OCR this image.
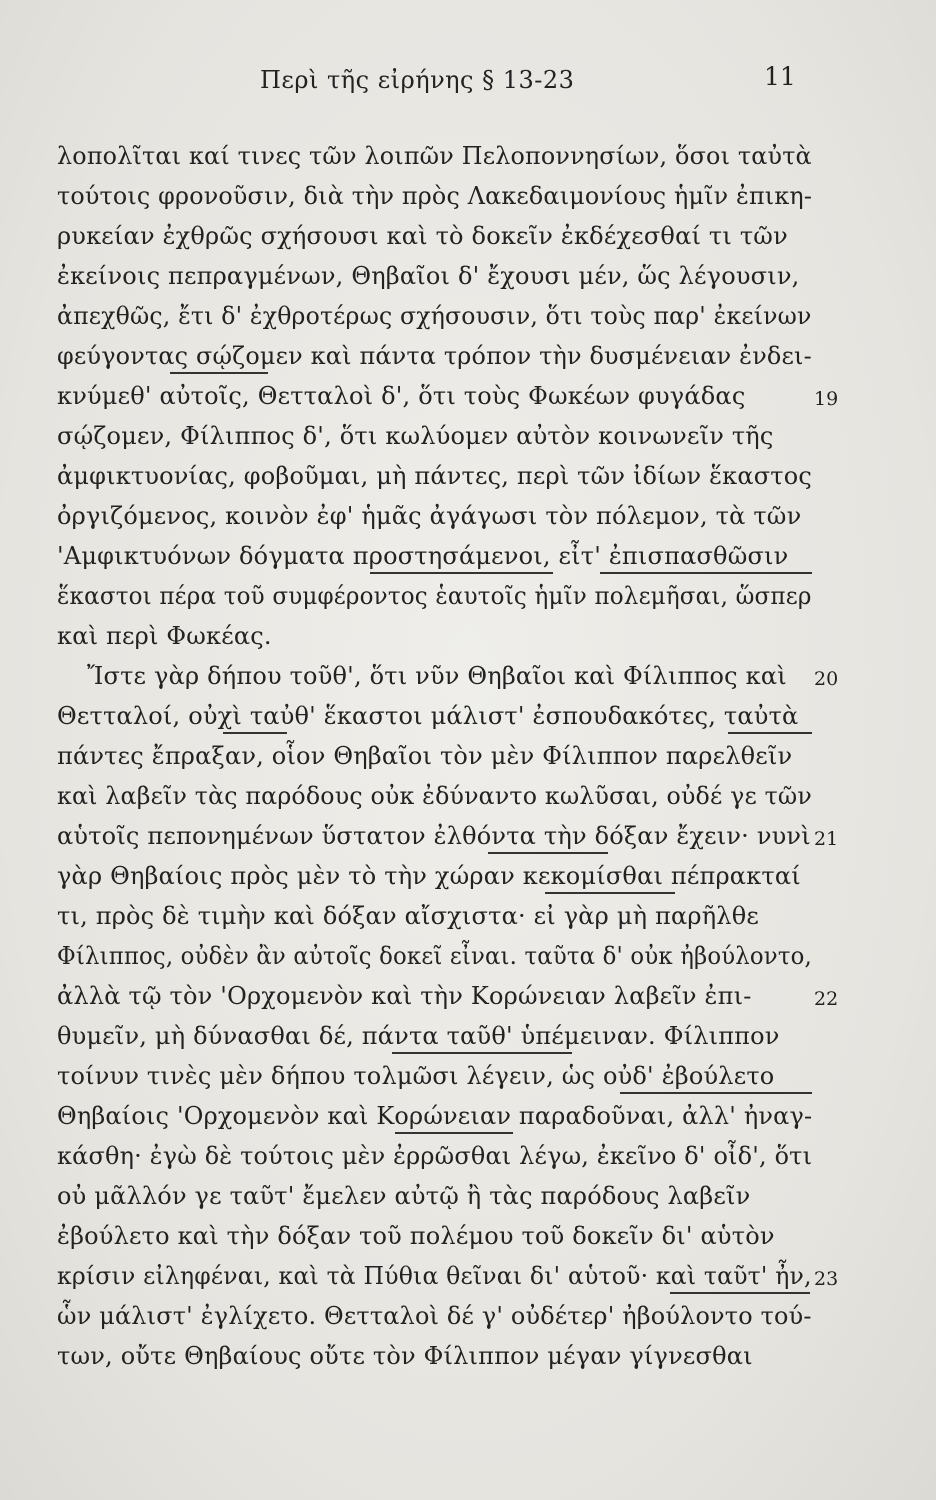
Περὶ τῆς εἰρήνης § 13-23	11
λοπολῖται καί τινες τῶν λοιπῶν Πελοποννησίων, ὅσοι ταὐτὰ
τούτοις φρονοῦσιν, διὰ τὴν πρὸς Λακεδαιμονίους ἡμῖν ἐπικη-
ρυκείαν ἐχθρῶς σχήσουσι καὶ τὸ δοκεῖν ἐκδέχεσθαί τι τῶν
ἐκείνοις πεπραγμένων, Θηβαῖοι δ' ἔχουσι μέν, ὥς λέγουσιν,
ἀπεχθῶς, ἔτι δ' ἐχθροτέρως σχήσουσιν, ὅτι τοὺς παρ' ἐκείνων
φεύγοντας σῴζομεν καὶ πάντα τρόπον τὴν δυσμένειαν ἐνδει-
κνύμεθ' αὐτοῖς, Θετταλοὶ δ', ὅτι τοὺς Φωκέων φυγάδας
σῴζομεν, Φίλιππος δ', ὅτι κωλύομεν αὐτὸν κοινωνεῖν τῆς
ἀμφικτυονίας, φοβοῦμαι, μὴ πάντες, περὶ τῶν ἰδίων ἕκαστος
ὀργιζόμενος, κοινὸν ἐφ' ἡμᾶς ἀγάγωσι τὸν πόλεμον, τὰ τῶν
'Αμφικτυόνων δόγματα προστησάμενοι, εἶτ' ἐπισπασθῶσιν
ἕκαστοι πέρα τοῦ συμφέροντος ἑαυτοῖς ἡμῖν πολεμῆσαι, ὥσπερ
καὶ περὶ Φωκέας.
Ἴστε γὰρ δήπου τοῦθ', ὅτι νῦν Θηβαῖοι καὶ Φίλιππος καὶ
Θετταλοί, οὐχὶ ταὐθ' ἕκαστοι μάλιστ' ἐσπουδακότες, ταὐτὰ
πάντες ἔπραξαν, οἷον Θηβαῖοι τὸν μὲν Φίλιππον παρελθεῖν
καὶ λαβεῖν τὰς παρόδους οὐκ ἐδύναντο κωλῦσαι, οὐδέ γε τῶν
αὑτοῖς πεπονημένων ὕστατον ἐλθόντα τὴν δόξαν ἔχειν· νυνὶ
γὰρ Θηβαίοις πρὸς μὲν τὸ τὴν χώραν κεκομίσθαι πέπρακταί
τι, πρὸς δὲ τιμὴν καὶ δόξαν αἴσχιστα· εἰ γὰρ μὴ παρῆλθε
Φίλιππος, οὐδὲν ἂν αὐτοῖς δοκεῖ εἶναι. ταῦτα δ' οὐκ ἠβούλοντο,
ἀλλὰ τῷ τὸν 'Ορχομενὸν καὶ τὴν Κορώνειαν λαβεῖν ἐπι-
θυμεῖν, μὴ δύνασθαι δέ, πάντα ταῦθ' ὑπέμειναν. Φίλιππον
τοίνυν τινὲς μὲν δήπου τολμῶσι λέγειν, ὡς οὐδ' ἐβούλετο
Θηβαίοις 'Ορχομενὸν καὶ Κορώνειαν παραδοῦναι, ἀλλ' ἠναγ-
κάσθη· ἐγὼ δὲ τούτοις μὲν ἐρρῶσθαι λέγω, ἐκεῖνο δ' οἶδ', ὅτι
οὐ μᾶλλόν γε ταῦτ' ἔμελεν αὐτῷ ἢ τὰς παρόδους λαβεῖν
ἐβούλετο καὶ τὴν δόξαν τοῦ πολέμου τοῦ δοκεῖν δι' αὑτὸν
κρίσιν εἰληφέναι, καὶ τὰ Πύθια θεῖναι δι' αὑτοῦ· καὶ ταῦτ' ἦν,
ὧν μάλιστ' ἐγλίχετο. Θετταλοὶ δέ γ' οὐδέτερ' ἠβούλοντο τού-
των, οὔτε Θηβαίους οὔτε τὸν Φίλιππον μέγαν γίγνεσθαι
19
20
21
22
23
